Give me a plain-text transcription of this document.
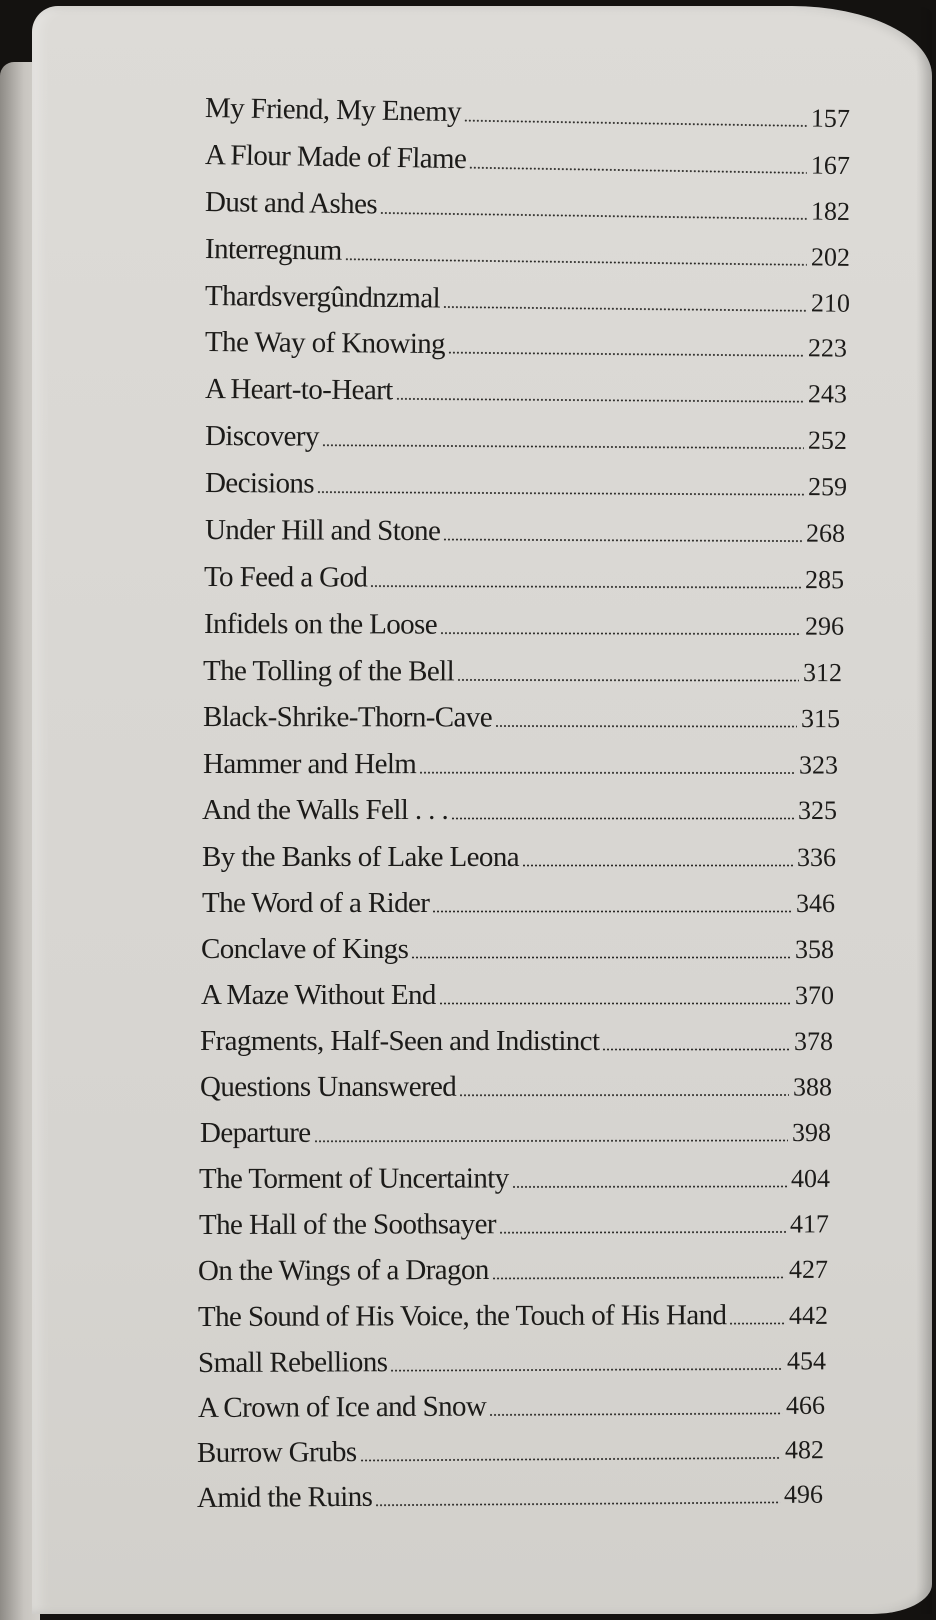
My Friend, My Enemy	157
A Flour Made of Flame	167
Dust and Ashes	182
Interregnum	202
Thardsvergûndnzmal	210
The Way of Knowing	223
A Heart-to-Heart	243
Discovery	252
Decisions	259
Under Hill and Stone	268
To Feed a God	285
Infidels on the Loose	296
The Tolling of the Bell	312
Black-Shrike-Thorn-Cave	315
Hammer and Helm	323
And the Walls Fell . . .	325
By the Banks of Lake Leona	336
The Word of a Rider	346
Conclave of Kings	358
A Maze Without End	370
Fragments, Half-Seen and Indistinct	378
Questions Unanswered	388
Departure	398
The Torment of Uncertainty	404
The Hall of the Soothsayer	417
On the Wings of a Dragon	427
The Sound of His Voice, the Touch of His Hand 442
Small Rebellions	454
A Crown of Ice and Snow	466
Burrow Grubs	482
Amid the Ruins	496
